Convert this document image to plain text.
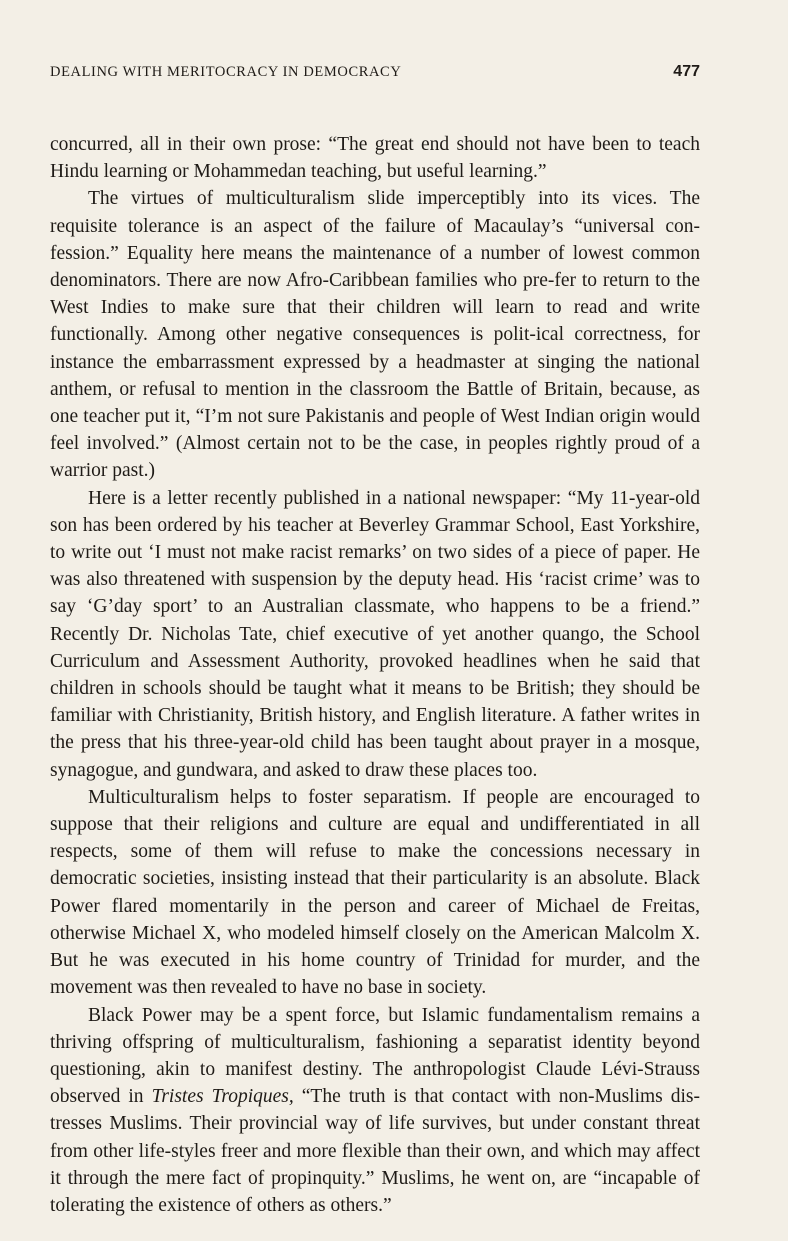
DEALING WITH MERITOCRACY IN DEMOCRACY	477

concurred, all in their own prose: “The great end should not have been to teach Hindu learning or Mohammedan teaching, but useful learning.”

The virtues of multiculturalism slide imperceptibly into its vices. The requisite tolerance is an aspect of the failure of Macaulay’s “universal con-fession.” Equality here means the maintenance of a number of lowest common denominators. There are now Afro-Caribbean families who pre-fer to return to the West Indies to make sure that their children will learn to read and write functionally. Among other negative consequences is polit-ical correctness, for instance the embarrassment expressed by a headmaster at singing the national anthem, or refusal to mention in the classroom the Battle of Britain, because, as one teacher put it, “I’m not sure Pakistanis and people of West Indian origin would feel involved.” (Almost certain not to be the case, in peoples rightly proud of a warrior past.)

Here is a letter recently published in a national newspaper: “My 11-year-old son has been ordered by his teacher at Beverley Grammar School, East Yorkshire, to write out ‘I must not make racist remarks’ on two sides of a piece of paper. He was also threatened with suspension by the deputy head. His ‘racist crime’ was to say ‘G’day sport’ to an Australian classmate, who happens to be a friend.” Recently Dr. Nicholas Tate, chief executive of yet another quango, the School Curriculum and Assessment Authority, provoked headlines when he said that children in schools should be taught what it means to be British; they should be familiar with Christianity, British history, and English literature. A father writes in the press that his three-year-old child has been taught about prayer in a mosque, synagogue, and gundwara, and asked to draw these places too.

Multiculturalism helps to foster separatism. If people are encouraged to suppose that their religions and culture are equal and undifferentiated in all respects, some of them will refuse to make the concessions necessary in democratic societies, insisting instead that their particularity is an absolute. Black Power flared momentarily in the person and career of Michael de Freitas, otherwise Michael X, who modeled himself closely on the American Malcolm X. But he was executed in his home country of Trinidad for murder, and the movement was then revealed to have no base in society.

Black Power may be a spent force, but Islamic fundamentalism remains a thriving offspring of multiculturalism, fashioning a separatist identity beyond questioning, akin to manifest destiny. The anthropologist Claude Lévi-Strauss observed in Tristes Tropiques, “The truth is that contact with non-Muslims dis-tresses Muslims. Their provincial way of life survives, but under constant threat from other life-styles freer and more flexible than their own, and which may affect it through the mere fact of propinquity.” Muslims, he went on, are “incapable of tolerating the existence of others as others.”
